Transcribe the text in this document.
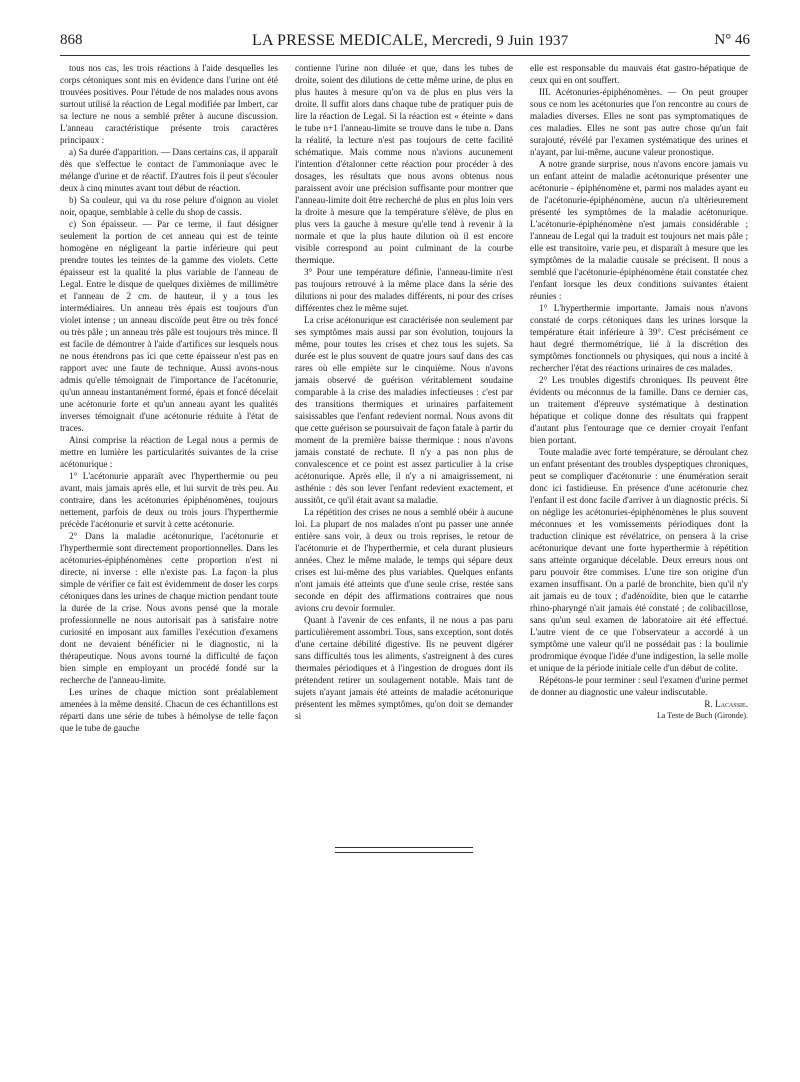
868	LA PRESSE MEDICALE, Mercredi, 9 Juin 1937	N° 46

tous nos cas, les trois réactions à l'aide desquelles les corps cétoniques sont mis en évidence dans l'urine ont été trouvées positives. Pour l'étude de nos malades nous avons surtout utilisé la réaction de Legal modifiée par Imbert, car sa lecture ne nous a semblé prêter à aucune discussion. L'anneau caractéristique présente trois caractères principaux :

a) Sa durée d'apparition. — Dans certains cas, il apparaît dès que s'effectue le contact de l'ammoniaque avec le mélange d'urine et de réactif. D'autres fois il peut s'écouler deux à cinq minutes avant tout début de réaction.

b) Sa couleur, qui va du rose pelure d'oignon au violet noir, opaque, semblable à celle du shop de cassis.

c) Son épaisseur. — Par ce terme, il faut désigner seulement la portion de cet anneau qui est de teinte homogène en négligeant la partie inférieure qui peut prendre toutes les teintes de la gamme des violets. Cette épaisseur est la qualité la plus variable de l'anneau de Legal. Entre le disque de quelques dixièmes de millimètre et l'anneau de 2 cm. de hauteur, il y a tous les intermédiaires. Un anneau très épais est toujours d'un violet intense ; un anneau discoïde peut être ou très foncé ou très pâle ; un anneau très pâle est toujours très mince. Il est facile de démontrer à l'aide d'artifices sur lesquels nous ne nous étendrons pas ici que cette épaisseur n'est pas en rapport avec une faute de technique. Aussi avons-nous admis qu'elle témoignait de l'importance de l'acétonurie, qu'un anneau instantanément formé, épais et foncé décelait une acétonurie forte et qu'un anneau ayant les qualités inverses témoignait d'une acétonurie réduite à l'état de traces.

Ainsi comprise la réaction de Legal nous a permis de mettre en lumière les particularités suivantes de la crise acétonurique :

1° L'acétonurie apparaît avec l'hyperthermie ou peu avant, mais jamais après elle, et lui survit de très peu. Au contraire, dans les acétonuries épiphénomènes, toujours nettement, parfois de deux ou trois jours l'hyperthermie précède l'acétonurie et survit à cette acétonurie.

2° Dans la maladie acétonurique, l'acétonurie et l'hyperthermie sont directement proportionnelles. Dans les acétonuries-épiphénomènes cette proportion n'est ni directe, ni inverse : elle n'existe pas. La façon la plus simple de vérifier ce fait est évidemment de doser les corps cétoniques dans les urines de chaque miction pendant toute la durée de la crise. Nous avons pensé que la morale professionnelle ne nous autorisait pas à satisfaire notre curiosité en imposant aux familles l'exécution d'examens dont ne devaient bénéficier ni le diagnostic, ni la thérapeutique. Nous avons tourné la difficulté de façon bien simple en employant un procédé fondé sur la recherche de l'anneau-limite.

Les urines de chaque miction sont préalablement amenées à la même densité. Chacun de ces échantillons est réparti dans une série de tubes à hémolyse de telle façon que le tube de gauche

contienne l'urine non diluée et que, dans les tubes de droite, soient des dilutions de cette même urine, de plus en plus hautes à mesure qu'on va de plus en plus vers la droite. Il suffit alors dans chaque tube de pratiquer puis de lire la réaction de Legal. Si la réaction est « éteinte » dans le tube n+1 l'anneau-limite se trouve dans le tube n. Dans la réalité, la lecture n'est pas toujours de cette facilité schématique. Mais comme nous n'avions aucunement l'intention d'étalonner cette réaction pour procéder à des dosages, les résultats que nous avons obtenus nous paraissent avoir une précision suffisante pour montrer que l'anneau-limite doit être recherché de plus en plus loin vers la droite à mesure que la température s'élève, de plus en plus vers la gauche à mesure qu'elle tend à revenir à la normale et que la plus haute dilution où il est encore visible correspond au point culminant de la courbe thermique.

3° Pour une température définie, l'anneau-limite n'est pas toujours retrouvé à la même place dans la série des dilutions ni pour des malades différents, ni pour des crises différentes chez le même sujet.

La crise acétonurique est caractérisée non seulement par ses symptômes mais aussi par son évolution, toujours la même, pour toutes les crises et chez tous les sujets. Sa durée est le plus souvent de quatre jours sauf dans des cas rares où elle empiète sur le cinquième. Nous n'avons jamais observé de guérison véritablement soudaine comparable à la crise des maladies infectieuses : c'est par des transitions thermiques et urinaires parfaitement saisissables que l'enfant redevient normal. Nous avons dit que cette guérison se poursuivait de façon fatale à partir du moment de la première baisse thermique : nous n'avons jamais constaté de rechute. Il n'y a pas non plus de convalescence et ce point est assez particulier à la crise acétonurique. Après elle, il n'y a ni amaigrissement, ni asthénie : dès son lever l'enfant redevient exactement, et aussitôt, ce qu'il était avant sa maladie.

La répétition des crises ne nous a semblé obéir à aucune loi. La plupart de nos malades n'ont pu passer une année entière sans voir, à deux ou trois reprises, le retour de l'acétonurie et de l'hyperthermie, et cela durant plusieurs années. Chez le même malade, le temps qui sépare deux crises est lui-même des plus variables. Quelques enfants n'ont jamais été atteints que d'une seule crise, restée sans seconde en dépit des affirmations contraires que nous avions cru devoir formuler.

Quant à l'avenir de ces enfants, il ne nous a pas paru particulièrement assombri. Tous, sans exception, sont dotés d'une certaine débilité digestive. Ils ne peuvent digérer sans difficultés tous les aliments, s'astreignent à des cures thermales périodiques et à l'ingestion de drogues dont ils prétendent retirer un soulagement notable. Mais tant de sujets n'ayant jamais été atteints de maladie acétonurique présentent les mêmes symptômes, qu'on doit se demander si

elle est responsable du mauvais état gastro-hépatique de ceux qui en ont souffert.

III. Acétonuries-épiphénomènes. — On peut grouper sous ce nom les acétonuries que l'on rencontre au cours de maladies diverses. Elles ne sont pas symptomatiques de ces maladies. Elles ne sont pas autre chose qu'un fait surajouté, révélé par l'examen systématique des urines et n'ayant, par lui-même, aucune valeur pronostique.

A notre grande surprise, nous n'avons encore jamais vu un enfant atteint de maladie acétonurique présenter une acétonurie - épiphénomène et, parmi nos malades ayant eu de l'acétonurie-épiphénomène, aucun n'a ultérieurement présenté les symptômes de la maladie acétonurique. L'acétonurie-épiphénomène n'est jamais considérable ; l'anneau de Legal qui la traduit est toujours net mais pâle ; elle est transitoire, varie peu, et disparaît à mesure que les symptômes de la maladie causale se précisent. Il nous a semblé que l'acétonurie-épiphénomène était constatée chez l'enfant lorsque les deux conditions suivantes étaient réunies :

1° L'hyperthermie importante. Jamais nous n'avons constaté de corps cétoniques dans les urines lorsque la température était inférieure à 39°. C'est précisément ce haut degré thermométrique, lié à la discrétion des symptômes fonctionnels ou physiques, qui nous a incité à rechercher l'état des réactions urinaires de ces malades.

2° Les troubles digestifs chroniques. Ils peuvent être évidents ou méconnus de la famille. Dans ce dernier cas, un traitement d'épreuve systématique à destination hépatique et colique donne des résultats qui frappent d'autant plus l'entourage que ce dernier croyait l'enfant bien portant.

Toute maladie avec forte température, se déroulant chez un enfant présentant des troubles dyspeptiques chroniques, peut se compliquer d'acétonurie : une énumération serait donc ici fastidieuse. En présence d'une acétonurie chez l'enfant il est donc facile d'arriver à un diagnostic précis. Si on néglige les acétonuries-épiphénomènes le plus souvent méconnues et les vomissements périodiques dont la traduction clinique est révélatrice, on pensera à la crise acétonurique devant une forte hyperthermie à répétition sans atteinte organique décelable. Deux erreurs nous ont paru pouvoir être commises. L'une tire son origine d'un examen insuffisant. On a parlé de bronchite, bien qu'il n'y ait jamais eu de toux ; d'adénoïdite, bien que le catarrhe rhino-pharyngé n'ait jamais été constaté ; de colibacillose, sans qu'un seul examen de laboratoire ait été effectué. L'autre vient de ce que l'observateur a accordé à un symptôme une valeur qu'il ne possédait pas : la boulimie prodromique évoque l'idée d'une indigestion, la selle molle et unique de la période initiale celle d'un début de colite.

Répétons-le pour terminer : seul l'examen d'urine permet de donner au diagnostic une valeur indiscutable.

R. Lacassie.

La Teste de Buch (Gironde).
